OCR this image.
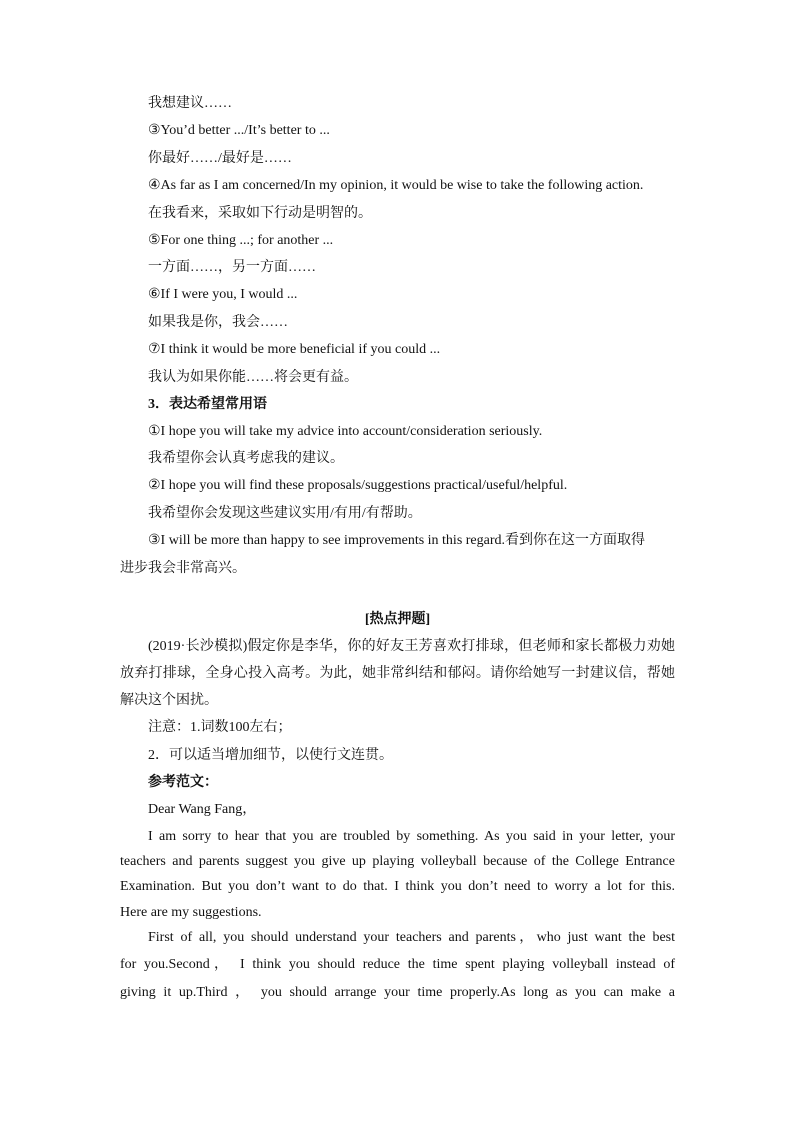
我想建议……
③You’d better .../It’s better to ...
你最好……/最好是……
④As far as I am concerned/In my opinion, it would be wise to take the following action.
在我看来，采取如下行动是明智的。
⑤For one thing ...; for another ...
一方面……，另一方面……
⑥If I were you, I would ...
如果我是你，我会……
⑦I think it would be more beneficial if you could ...
我认为如果你能……将会更有益。
3．表达希望常用语
①I hope you will take my advice into account/consideration seriously.
我希望你会认真考虑我的建议。
②I hope you will find these proposals/suggestions practical/useful/helpful.
我希望你会发现这些建议实用/有用/有帮助。
③I will be more than happy to see improvements in this regard.看到你在这一方面取得
进步我会非常高兴。
[热点押题]
(2019·长沙模拟)假定你是李华，你的好友王芳喜欢打排球，但老师和家长都极力劝她
放弃打排球，全身心投入高考。为此，她非常纠结和郁闷。请你给她写一封建议信，帮她
解决这个困扰。
注意：1.词数100左右；
2．可以适当增加细节，以使行文连贯。
参考范文：
Dear Wang Fang，
I am sorry to hear that you are troubled by something. As you said in your letter, your
teachers and parents suggest you give up playing volleyball because of the College Entrance
Examination. But you don’t want to do that. I think you don’t need to worry a lot for this.
Here are my suggestions.
First of all, you should understand your teachers and parents，who just want the best
for you.Second， I think you should reduce the time spent playing volleyball instead of
giving it up.Third ， you should arrange your time properly.As long as you can make a
